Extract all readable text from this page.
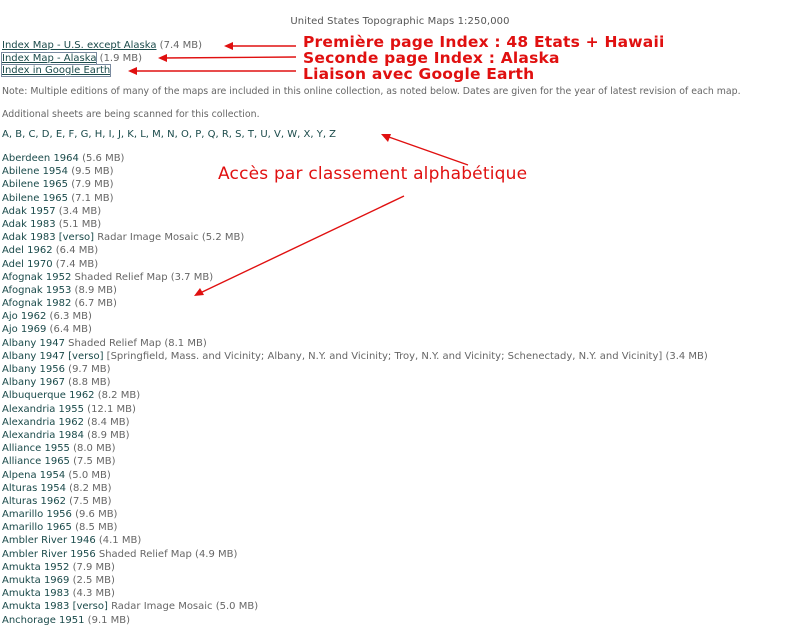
United States Topographic Maps 1:250,000
Index Map - U.S. except Alaska (7.4 MB)
Index Map - Alaska (1.9 MB)
Index in Google Earth
Première page Index : 48 Etats + Hawaii
Seconde page Index : Alaska
Liaison avec Google Earth
Accès par classement alphabétique
Note: Multiple editions of many of the maps are included in this online collection, as noted below. Dates are given for the year of latest revision of each map.
Additional sheets are being scanned for this collection.
A, B, C, D, E, F, G, H, I, J, K, L, M, N, O, P, Q, R, S, T, U, V, W, X, Y, Z
Aberdeen 1964 (5.6 MB)
Abilene 1954 (9.5 MB)
Abilene 1965 (7.9 MB)
Abilene 1965 (7.1 MB)
Adak 1957 (3.4 MB)
Adak 1983 (5.1 MB)
Adak 1983 [verso] Radar Image Mosaic (5.2 MB)
Adel 1962 (6.4 MB)
Adel 1970 (7.4 MB)
Afognak 1952 Shaded Relief Map (3.7 MB)
Afognak 1953 (8.9 MB)
Afognak 1982 (6.7 MB)
Ajo 1962 (6.3 MB)
Ajo 1969 (6.4 MB)
Albany 1947 Shaded Relief Map (8.1 MB)
Albany 1947 [verso] [Springfield, Mass. and Vicinity; Albany, N.Y. and Vicinity; Troy, N.Y. and Vicinity; Schenectady, N.Y. and Vicinity] (3.4 MB)
Albany 1956 (9.7 MB)
Albany 1967 (8.8 MB)
Albuquerque 1962 (8.2 MB)
Alexandria 1955 (12.1 MB)
Alexandria 1962 (8.4 MB)
Alexandria 1984 (8.9 MB)
Alliance 1955 (8.0 MB)
Alliance 1965 (7.5 MB)
Alpena 1954 (5.0 MB)
Alturas 1954 (8.2 MB)
Alturas 1962 (7.5 MB)
Amarillo 1956 (9.6 MB)
Amarillo 1965 (8.5 MB)
Ambler River 1946 (4.1 MB)
Ambler River 1956 Shaded Relief Map (4.9 MB)
Amukta 1952 (7.9 MB)
Amukta 1969 (2.5 MB)
Amukta 1983 (4.3 MB)
Amukta 1983 [verso] Radar Image Mosaic (5.0 MB)
Anchorage 1951 (9.1 MB)
